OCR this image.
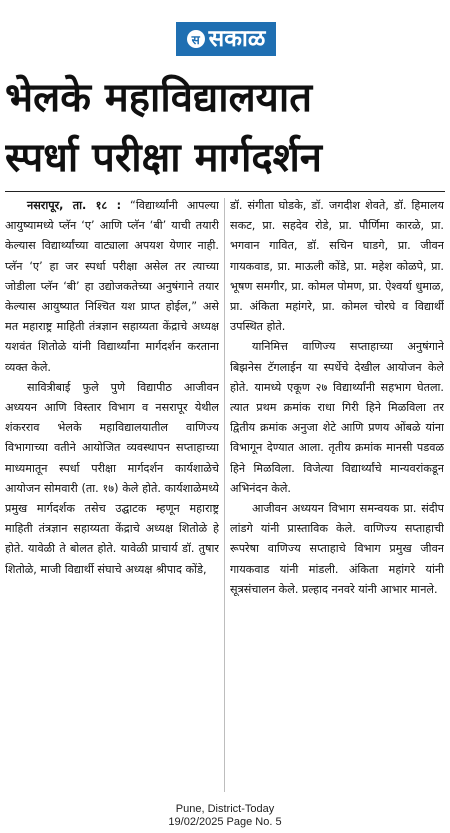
स सकाळ
भेलके महाविद्यालयात
स्पर्धा परीक्षा मार्गदर्शन

नसरापूर, ता. १८ : “विद्यार्थ्यांनी आपल्या आयुष्यामध्ये प्लॅन ‘ए’ आणि प्लॅन ‘बी’ याची तयारी केल्यास विद्यार्थ्यांच्या वाट्याला अपयश येणार नाही. प्लॅन ‘ए’ हा जर स्पर्धा परीक्षा असेल तर त्याच्या जोडीला प्लॅन ‘बी’ हा उद्योजकतेच्या अनुषंगाने तयार केल्यास आयुष्यात निश्चित यश प्राप्त होईल,” असे मत महाराष्ट्र माहिती तंत्रज्ञान सहाय्यता केंद्राचे अध्यक्ष यशवंत शितोळे यांनी विद्यार्थ्यांना मार्गदर्शन करताना व्यक्त केले.

सावित्रीबाई फुले पुणे विद्यापीठ आजीवन अध्ययन आणि विस्तार विभाग व नसरापूर येथील शंकरराव भेलके महाविद्यालयातील वाणिज्य विभागाच्या वतीने आयोजित व्यवस्थापन सप्ताहाच्या माध्यमातून स्पर्धा परीक्षा मार्गदर्शन कार्यशाळेचे आयोजन सोमवारी (ता. १७) केले होते. कार्यशाळेमध्ये प्रमुख मार्गदर्शक तसेच उद्घाटक म्हणून महाराष्ट्र माहिती तंत्रज्ञान सहाय्यता केंद्राचे अध्यक्ष शितोळे हे होते. यावेळी ते बोलत होते. यावेळी प्राचार्य डॉ. तुषार शितोळे, माजी विद्यार्थी संघाचे अध्यक्ष श्रीपाद कोंडे,

डॉ. संगीता घोडके, डॉ. जगदीश शेवते, डॉ. हिमालय सकट, प्रा. सहदेव रोडे, प्रा. पौर्णिमा कारळे, प्रा. भगवान गावित, डॉ. सचिन घाडगे, प्रा. जीवन गायकवाड, प्रा. माऊली कोंडे, प्रा. महेश कोळपे, प्रा. भूषण समगीर, प्रा. कोमल पोमण, प्रा. ऐश्वर्या धुमाळ, प्रा. अंकिता महांगरे, प्रा. कोमल चोरघे व विद्यार्थी उपस्थित होते.

यानिमित्त वाणिज्य सप्ताहाच्या अनुषंगाने बिझनेस टॅगलाईन या स्पर्धेचे देखील आयोजन केले होते. यामध्ये एकूण २७ विद्यार्थ्यांनी सहभाग घेतला. त्यात प्रथम क्रमांक राधा गिरी हिने मिळविला तर द्वितीय क्रमांक अनुजा शेटे आणि प्रणय ओंबळे यांना विभागून देण्यात आला. तृतीय क्रमांक मानसी पडवळ हिने मिळविला. विजेत्या विद्यार्थ्यांचे मान्यवरांकडून अभिनंदन केले.

आजीवन अध्ययन विभाग समन्वयक प्रा. संदीप लांडगे यांनी प्रास्ताविक केले. वाणिज्य सप्ताहाची रूपरेषा वाणिज्य सप्ताहाचे विभाग प्रमुख जीवन गायकवाड यांनी मांडली. अंकिता महांगरे यांनी सूत्रसंचालन केले. प्रल्हाद ननवरे यांनी आभार मानले.

Pune, District-Today
19/02/2025 Page No. 5
